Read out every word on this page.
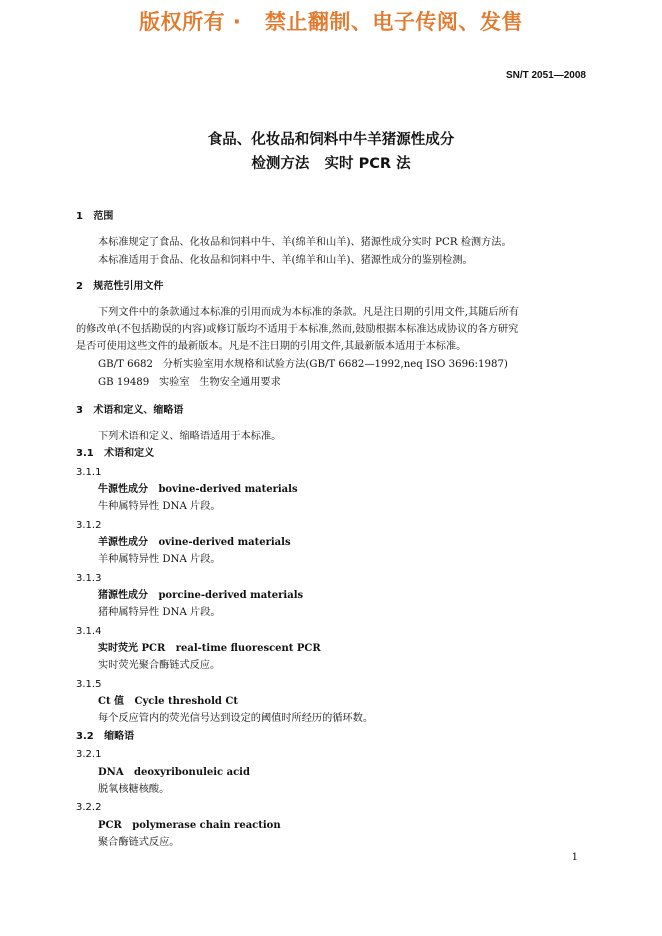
版权所有 ·   禁止翻制、电子传阅、发售
SN/T 2051—2008
食品、化妆品和饲料中牛羊猪源性成分
检测方法   实时 PCR 法
1   范围
本标准规定了食品、化妆品和饲料中牛、羊(绵羊和山羊)、猪源性成分实时 PCR 检测方法。
本标准适用于食品、化妆品和饲料中牛、羊(绵羊和山羊)、猪源性成分的鉴别检测。
2   规范性引用文件
下列文件中的条款通过本标准的引用而成为本标准的条款。凡是注日期的引用文件,其随后所有
的修改单(不包括勘误的内容)或修订版均不适用于本标准,然而,鼓励根据本标准达成协议的各方研究
是否可使用这些文件的最新版本。凡是不注日期的引用文件,其最新版本适用于本标准。
GB/T 6682   分析实验室用水规格和试验方法(GB/T 6682—1992,neq ISO 3696:1987)
GB 19489   实验室   生物安全通用要求
3   术语和定义、缩略语
下列术语和定义、缩略语适用于本标准。
3.1   术语和定义
3.1.1
牛源性成分   bovine-derived materials
牛种属特异性 DNA 片段。
3.1.2
羊源性成分   ovine-derived materials
羊种属特异性 DNA 片段。
3.1.3
猪源性成分   porcine-derived materials
猪种属特异性 DNA 片段。
3.1.4
实时荧光 PCR   real-time fluorescent PCR
实时荧光聚合酶链式反应。
3.1.5
Ct 值   Cycle threshold Ct
每个反应管内的荧光信号达到设定的阈值时所经历的循环数。
3.2   缩略语
3.2.1
DNA   deoxyribonuleic acid
脱氧核糖核酸。
3.2.2
PCR   polymerase chain reaction
聚合酶链式反应。
1
